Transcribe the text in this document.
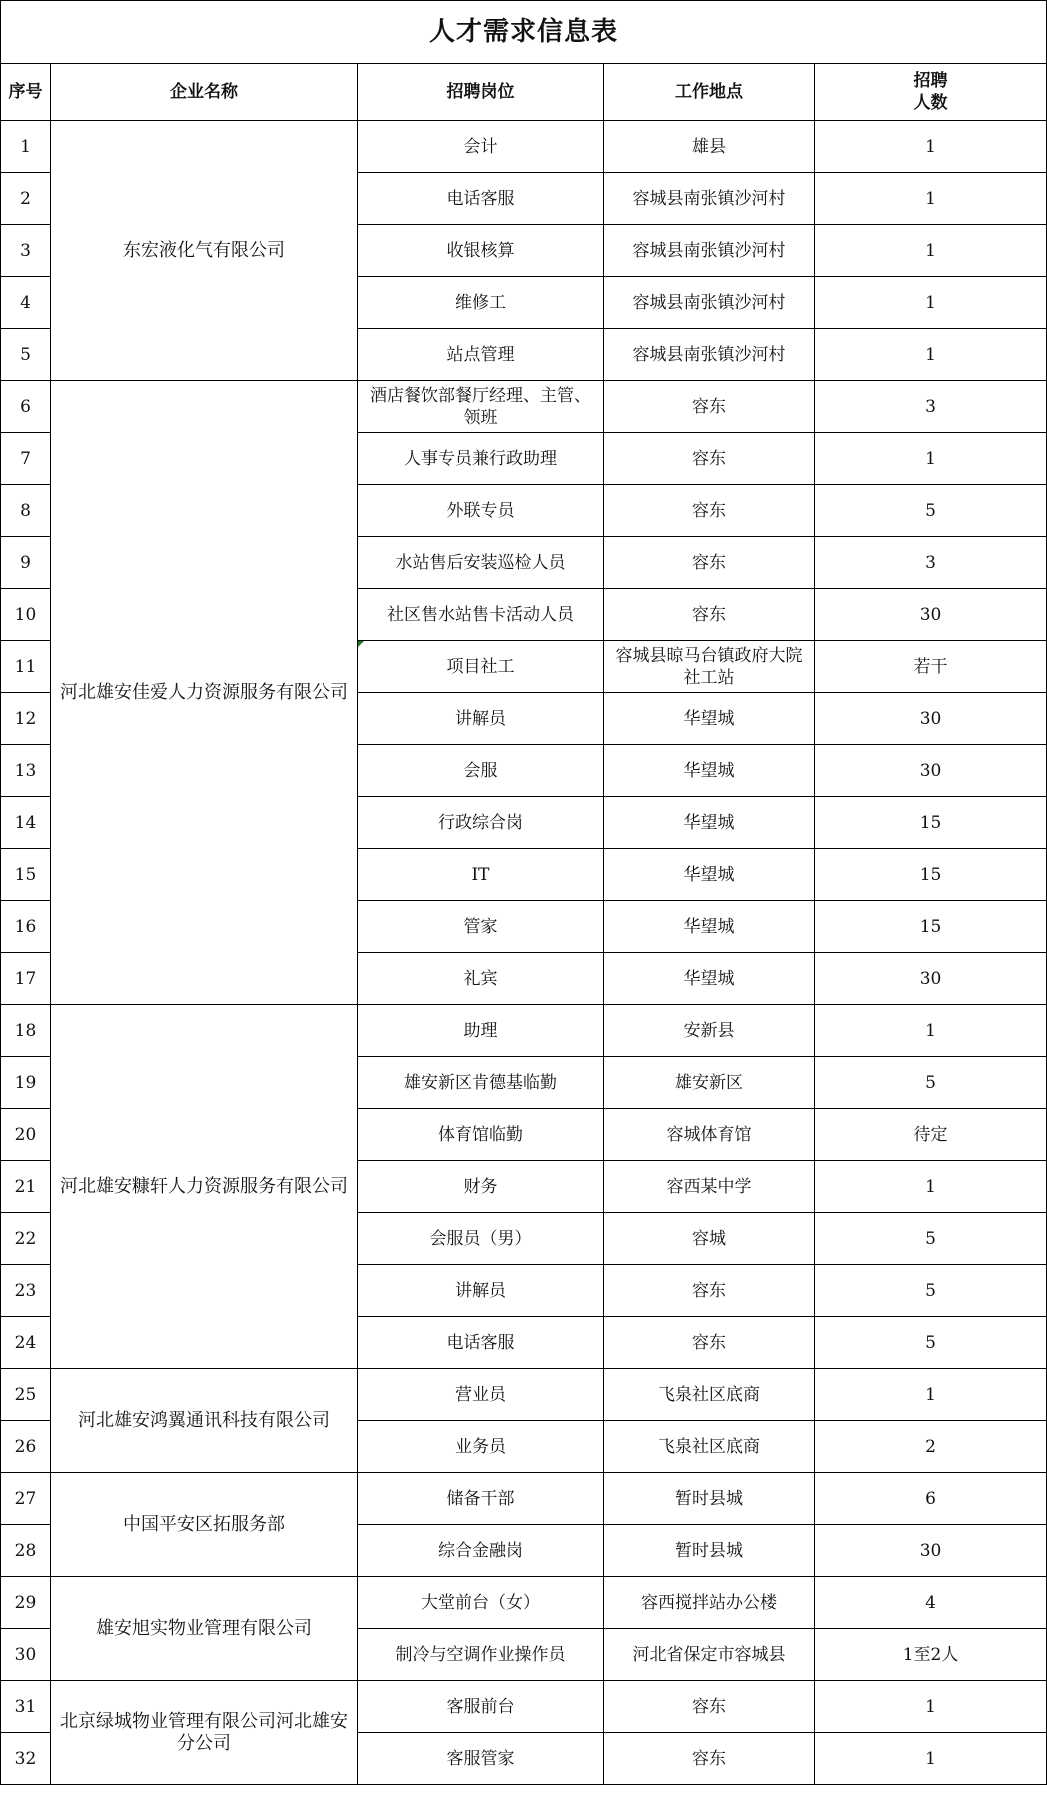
人才需求信息表				
序号	企业名称	招聘岗位	工作地点	招聘
人数
1	东宏液化气有限公司	会计	雄县	1
2		电话客服	容城县南张镇沙河村	1
3		收银核算	容城县南张镇沙河村	1
4		维修工	容城县南张镇沙河村	1
5		站点管理	容城县南张镇沙河村	1
6	河北雄安佳爱人力资源服务有限公司	酒店餐饮部餐厅经理、主管、领班	容东	3
7		人事专员兼行政助理	容东	1
8		外联专员	容东	5
9		水站售后安装巡检人员	容东	3
10		社区售水站售卡活动人员	容东	30
11		项目社工	容城县晾马台镇政府大院 社工站	若干
12		讲解员	华望城	30
13		会服	华望城	30
14		行政综合岗	华望城	15
15		IT	华望城	15
16		管家	华望城	15
17		礼宾	华望城	30
18	河北雄安糠轩人力资源服务有限公司	助理	安新县	1
19		雄安新区肯德基临勤	雄安新区	5
20		体育馆临勤	容城体育馆	待定
21		财务	容西某中学	1
22		会服员（男）	容城	5
23		讲解员	容东	5
24		电话客服	容东	5
25	河北雄安鸿翼通讯科技有限公司	营业员	飞泉社区底商	1
26		业务员	飞泉社区底商	2
27	中国平安区拓服务部	储备干部	暂时县城	6
28		综合金融岗	暂时县城	30
29	雄安旭实物业管理有限公司	大堂前台（女）	容西搅拌站办公楼	4
30		制冷与空调作业操作员	河北省保定市容城县	1至2人
31	北京绿城物业管理有限公司河北雄安分公司	客服前台	容东	1
32		客服管家	容东	1
